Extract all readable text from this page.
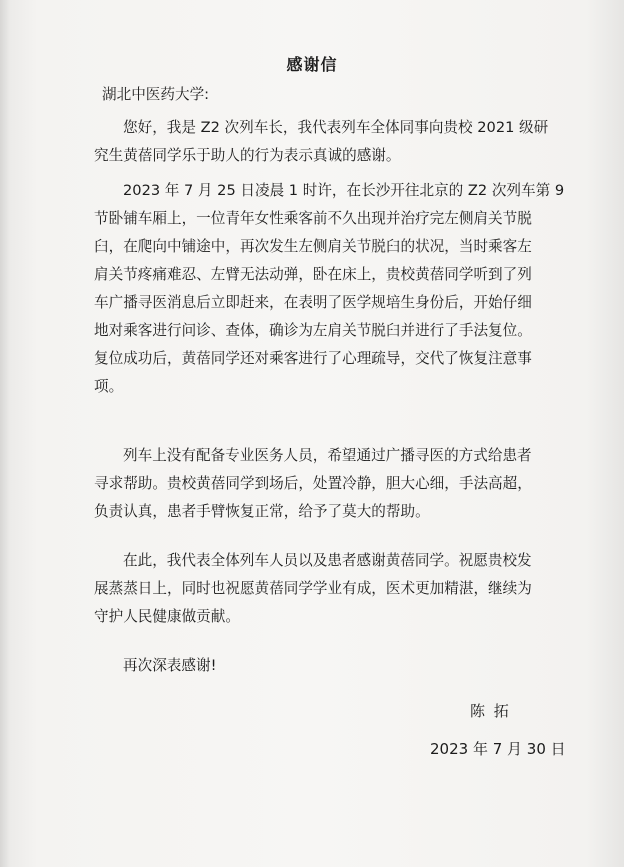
感谢信
湖北中医药大学:
您好，我是 Z2 次列车长，我代表列车全体同事向贵校 2021 级研
究生黄蓓同学乐于助人的行为表示真诚的感谢。
2023 年 7 月 25 日凌晨 1 时许，在长沙开往北京的 Z2 次列车第 9
节卧铺车厢上，一位青年女性乘客前不久出现并治疗完左侧肩关节脱
臼，在爬向中铺途中，再次发生左侧肩关节脱臼的状况，当时乘客左
肩关节疼痛难忍、左臂无法动弹，卧在床上，贵校黄蓓同学听到了列
车广播寻医消息后立即赶来，在表明了医学规培生身份后，开始仔细
地对乘客进行问诊、查体，确诊为左肩关节脱臼并进行了手法复位。
复位成功后，黄蓓同学还对乘客进行了心理疏导，交代了恢复注意事
项。
列车上没有配备专业医务人员，希望通过广播寻医的方式给患者
寻求帮助。贵校黄蓓同学到场后，处置冷静，胆大心细，手法高超，
负责认真，患者手臂恢复正常，给予了莫大的帮助。
在此，我代表全体列车人员以及患者感谢黄蓓同学。祝愿贵校发
展蒸蒸日上，同时也祝愿黄蓓同学学业有成，医术更加精湛，继续为
守护人民健康做贡献。
再次深表感谢!
陈 拓
2023 年 7 月 30 日
